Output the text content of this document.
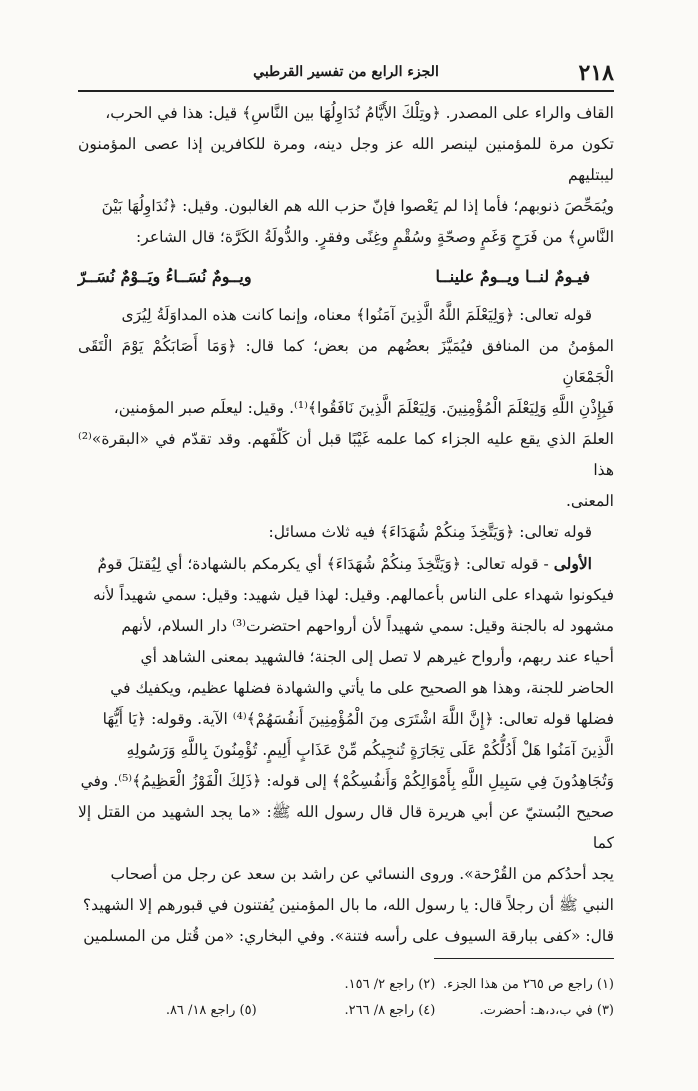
٢١٨
الجزء الرابع من تفسير القرطبي

القاف والراء على المصدر. ﴿وتِلْكَ الأَيَّامُ نُدَاوِلُهَا بين النَّاسِ﴾ قيل: هذا في الحرب،

تكون مرة للمؤمنين لينصر الله عز وجل دينه، ومرة للكافرين إذا عصى المؤمنون ليبتليهم

ويُمَحِّصَ ذنوبهم؛ فأما إذا لم يَعْصوا فإنّ حزب الله هم الغالبون. وقيل: ﴿نُدَاوِلُهَا بَيْنَ

النَّاسِ﴾ من فَرَحٍ وَغَمٍ وصحّةٍ وسُقْمٍ وغِنًى وفقرٍ. والدُّولَةُ الكَرَّة؛ قال الشاعر:

فيـومٌ لنــا ويــومٌ علينــا
ويــومٌ نُسَــاءُ ويَــوْمٌ نُسَــرّ

قوله تعالى: ﴿وَلِيَعْلَمَ اللَّهُ الَّذِينَ آمَنُوا﴾ معناه، وإنما كانت هذه المداوَلَةُ لِيُرَى

المؤمنُ من المنافق فيُمَيَّزَ بعضُهم من بعض؛ كما قال: ﴿وَمَا أَصَابَكُمْ يَوْمَ الْتَقَى الْجَمْعَانِ

فَبِإِذْنِ اللَّهِ وَلِيَعْلَمَ الْمُؤْمِنِينَ. وَلِيَعْلَمَ الَّذِينَ نَافَقُوا﴾⁽¹⁾. وقيل: ليعلَم صبر المؤمنين،

العلمَ الذي يقع عليه الجزاء كما علمه غَيْبًا قبل أن كَلّفَهم. وقد تقدّم في «البقرة»⁽²⁾ هذا

المعنى.

قوله تعالى: ﴿وَيَتَّخِذَ مِنكُمْ شُهَدَاءَ﴾ فيه ثلاث مسائل:

الأولى - قوله تعالى: ﴿وَيَتَّخِذَ مِنكُمْ شُهَدَاءَ﴾ أي يكرمكم بالشهادة؛ أي لِيُقتلَ قومٌ

فيكونوا شهداء على الناس بأعمالهم. وقيل: لهذا قيل شهيد: وقيل: سمي شهيداً لأنه

مشهود له بالجنة وقيل: سمي شهيداً لأن أرواحهم احتضرت⁽³⁾ دار السلام، لأنهم

أحياء عند ربهم، وأرواح غيرهم لا تصل إلى الجنة؛ فالشهيد بمعنى الشاهد أي

الحاضر للجنة، وهذا هو الصحيح على ما يأتي والشهادة فضلها عظيم، ويكفيك في

فضلها قوله تعالى: ﴿إِنَّ اللَّهَ اشْتَرَى مِنَ الْمُؤْمِنِينَ أَنفُسَهُمْ﴾⁽⁴⁾ الآية. وقوله: ﴿يَا أَيُّهَا

الَّذِينَ آمَنُوا هَلْ أَدُلُّكُمْ عَلَى تِجَارَةٍ تُنجِيكُم مِّنْ عَذَابٍ أَلِيمٍ. تُؤْمِنُونَ بِاللَّهِ وَرَسُولِهِ

وَتُجَاهِدُونَ فِي سَبِيلِ اللَّهِ بِأَمْوَالِكُمْ وَأَنفُسِكُمْ﴾ إلى قوله: ﴿ذَلِكَ الْفَوْزُ الْعَظِيمُ﴾⁽⁵⁾. وفي

صحيح البُستيّ عن أبي هريرة قال قال رسول الله ﷺ: «ما يجد الشهيد من القتل إلا كما

يجد أحدُكم من القُرْحة». وروى النسائي عن راشد بن سعد عن رجل من أصحاب

النبي ﷺ أن رجلاً قال: يا رسول الله، ما بال المؤمنين يُفتنون في قبورهم إلا الشهيد؟

قال: «كفى ببارقة السيوف على رأسه فتنة». وفي البخاري: «من قُتل من المسلمين

(١) راجع ص ٢٦٥ من هذا الجزء.
(٢) راجع ٢/ ١٥٦.
(٣) في ب،د،هـ: أحضرت.
(٤) راجع ٨/ ٢٦٦.
(٥) راجع ١٨/ ٨٦.
